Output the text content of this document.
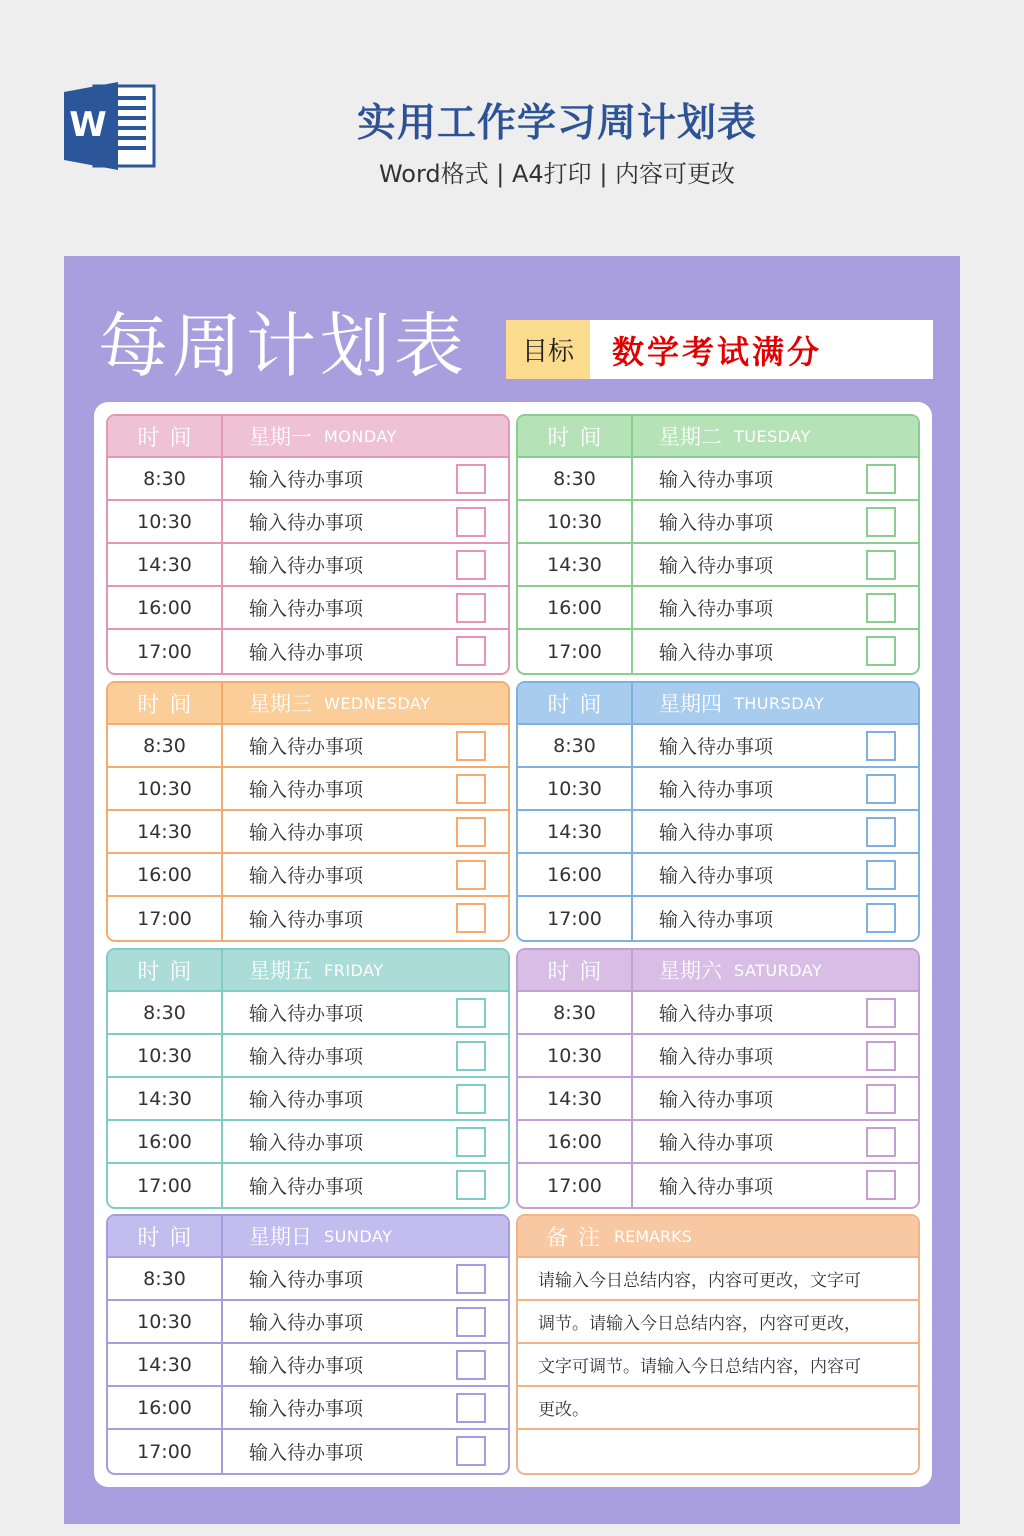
W	实用工作学习周计划表
Word格式 | A4打印 | 内容可更改
每周计划表	目标	数学考试满分
备注 REMARKS
请输入今日总结内容，内容可更改，文字可
调节。请输入今日总结内容，内容可更改，
文字可调节。请输入今日总结内容，内容可
更改。
时间	星期一 MONDAY
8:30	输入待办事项
10:30	输入待办事项
14:30	输入待办事项
16:00	输入待办事项
17:00	输入待办事项
时间	星期二 TUESDAY
8:30	输入待办事项
10:30	输入待办事项
14:30	输入待办事项
16:00	输入待办事项
17:00	输入待办事项
时间	星期三 WEDNESDAY
8:30	输入待办事项
10:30	输入待办事项
14:30	输入待办事项
16:00	输入待办事项
17:00	输入待办事项
时间	星期四 THURSDAY
8:30	输入待办事项
10:30	输入待办事项
14:30	输入待办事项
16:00	输入待办事项
17:00	输入待办事项
时间	星期五 FRIDAY
8:30	输入待办事项
10:30	输入待办事项
14:30	输入待办事项
16:00	输入待办事项
17:00	输入待办事项
时间	星期六 SATURDAY
8:30	输入待办事项
10:30	输入待办事项
14:30	输入待办事项
16:00	输入待办事项
17:00	输入待办事项
时间	星期日 SUNDAY
8:30	输入待办事项
10:30	输入待办事项
14:30	输入待办事项
16:00	输入待办事项
17:00	输入待办事项
